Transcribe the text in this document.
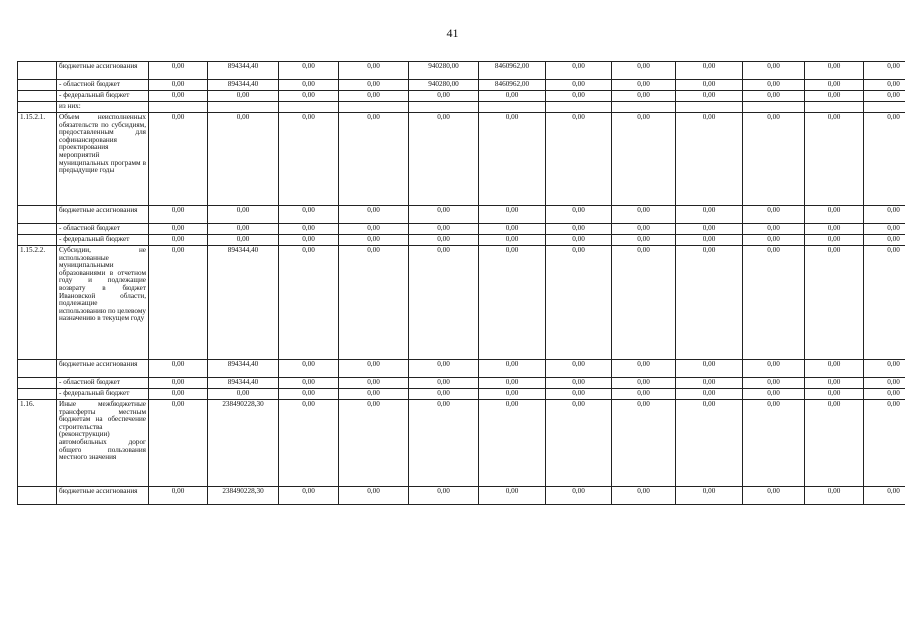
41
	бюджетные ассигнования	0,00	894344,40	0,00	0,00	940280,00	8460962,00	0,00	0,00	0,00	0,00	0,00	0,00
	- областной бюджет	0,00	894344,40	0,00	0,00	940280,00	8460962,00	0,00	0,00	0,00	0,00	0,00	0,00
	- федеральный бюджет	0,00	0,00	0,00	0,00	0,00	0,00	0,00	0,00	0,00	0,00	0,00	0,00
	из них:												
1.15.2.1.	Объем неисполненных обязательств по субсидиям, предоставленным для софинансирования проектирования мероприятий муниципальных программ в предыдущие годы	0,00	0,00	0,00	0,00	0,00	0,00	0,00	0,00	0,00	0,00	0,00	0,00
	бюджетные ассигнования	0,00	0,00	0,00	0,00	0,00	0,00	0,00	0,00	0,00	0,00	0,00	0,00
	- областной бюджет	0,00	0,00	0,00	0,00	0,00	0,00	0,00	0,00	0,00	0,00	0,00	0,00
	- федеральный бюджет	0,00	0,00	0,00	0,00	0,00	0,00	0,00	0,00	0,00	0,00	0,00	0,00
1.15.2.2.	Субсидии, не использованные муниципальными образованиями в отчетном году и подлежащие возврату в бюджет Ивановской области, подлежащие использованию по целевому назначению в текущем году	0,00	894344,40	0,00	0,00	0,00	0,00	0,00	0,00	0,00	0,00	0,00	0,00
	бюджетные ассигнования	0,00	894344,40	0,00	0,00	0,00	0,00	0,00	0,00	0,00	0,00	0,00	0,00
	- областной бюджет	0,00	894344,40	0,00	0,00	0,00	0,00	0,00	0,00	0,00	0,00	0,00	0,00
	- федеральный бюджет	0,00	0,00	0,00	0,00	0,00	0,00	0,00	0,00	0,00	0,00	0,00	0,00
1.16.	Иные межбюджетные трансферты местным бюджетам на обеспечение строительства (реконструкции) автомобильных дорог общего пользования местного значения	0,00	238490228,30	0,00	0,00	0,00	0,00	0,00	0,00	0,00	0,00	0,00	0,00
	бюджетные ассигнования	0,00	238490228,30	0,00	0,00	0,00	0,00	0,00	0,00	0,00	0,00	0,00	0,00
